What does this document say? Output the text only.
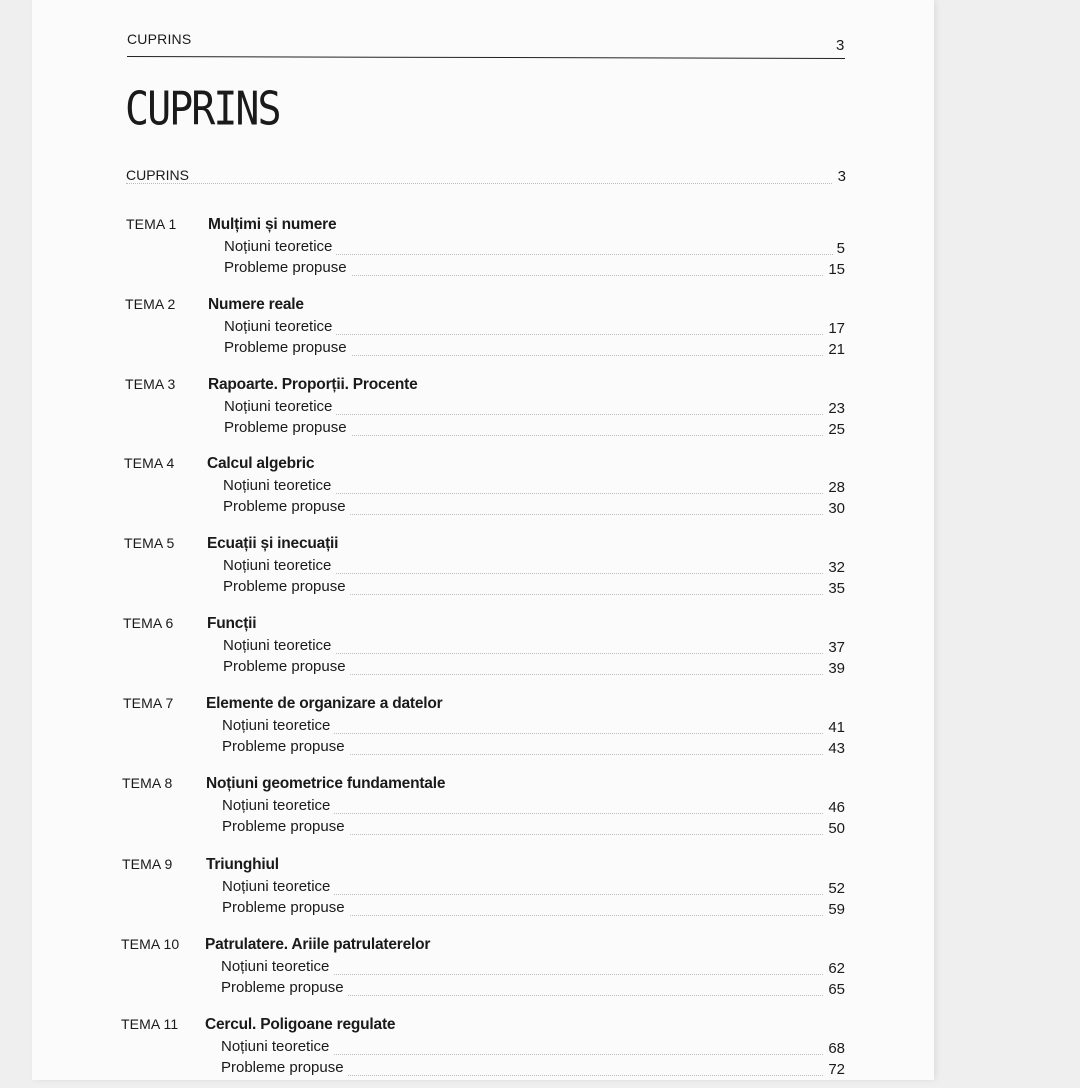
CUPRINS	3
CUPRINS
CUPRINS	3
TEMA 1 Mulțimi și numere
Noțiuni teoretice	5
Probleme propuse	15
TEMA 2 Numere reale
Noțiuni teoretice	17
Probleme propuse	21
TEMA 3 Rapoarte. Proporții. Procente
Noțiuni teoretice	23
Probleme propuse	25
TEMA 4 Calcul algebric
Noțiuni teoretice	28
Probleme propuse	30
TEMA 5 Ecuații și inecuații
Noțiuni teoretice	32
Probleme propuse	35
TEMA 6 Funcții
Noțiuni teoretice	37
Probleme propuse	39
TEMA 7 Elemente de organizare a datelor
Noțiuni teoretice	41
Probleme propuse	43
TEMA 8 Noțiuni geometrice fundamentale
Noțiuni teoretice	46
Probleme propuse	50
TEMA 9 Triunghiul
Noțiuni teoretice	52
Probleme propuse	59
TEMA 10 Patrulatere. Ariile patrulaterelor
Noțiuni teoretice	62
Probleme propuse	65
TEMA 11 Cercul. Poligoane regulate
Noțiuni teoretice	68
Probleme propuse	72
